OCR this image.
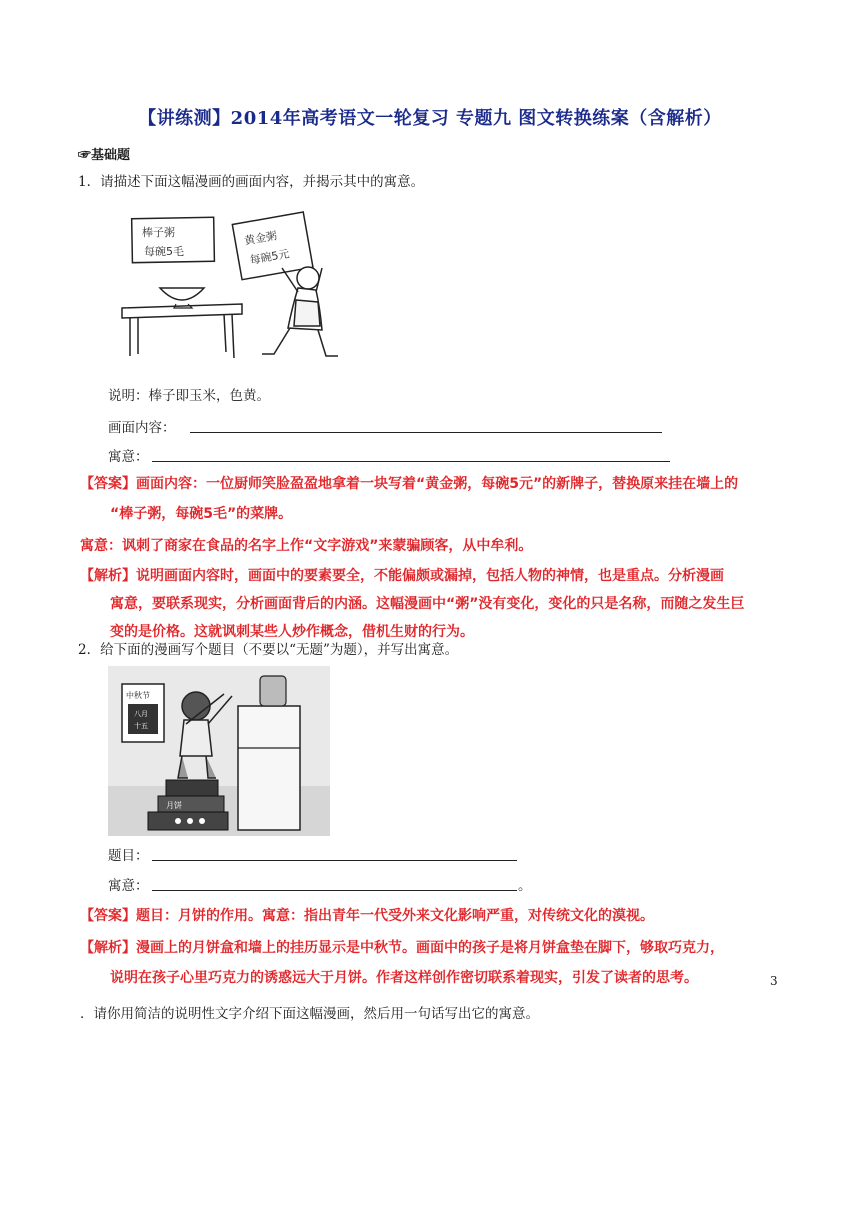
【讲练测】2014年高考语文一轮复习 专题九 图文转换练案（含解析）
☞基础题
1．请描述下面这幅漫画的画面内容，并揭示其中的寓意。
棒子粥
每碗5毛
黄金粥
每碗5元
说明：棒子即玉米，色黄。
画面内容：
寓意：
【答案】画面内容：一位厨师笑脸盈盈地拿着一块写着“黄金粥，每碗5元”的新牌子，替换原来挂在墙上的
“棒子粥，每碗5毛”的菜牌。
寓意：讽刺了商家在食品的名字上作“文字游戏”来蒙骗顾客，从中牟利。
【解析】说明画面内容时，画面中的要素要全，不能偏颇或漏掉，包括人物的神情，也是重点。分析漫画
寓意，要联系现实，分析画面背后的内涵。这幅漫画中“粥”没有变化，变化的只是名称，而随之发生巨
变的是价格。这就讽刺某些人炒作概念，借机生财的行为。
2．给下面的漫画写个题目（不要以“无题”为题），并写出寓意。
中秋节
八月
十五
月饼
题目：
寓意：	。
【答案】题目：月饼的作用。寓意：指出青年一代受外来文化影响严重，对传统文化的漠视。
【解析】漫画上的月饼盒和墙上的挂历显示是中秋节。画面中的孩子是将月饼盒垫在脚下，够取巧克力，
说明在孩子心里巧克力的诱惑远大于月饼。作者这样创作密切联系着现实，引发了读者的思考。	3
．请你用简洁的说明性文字介绍下面这幅漫画，然后用一句话写出它的寓意。
